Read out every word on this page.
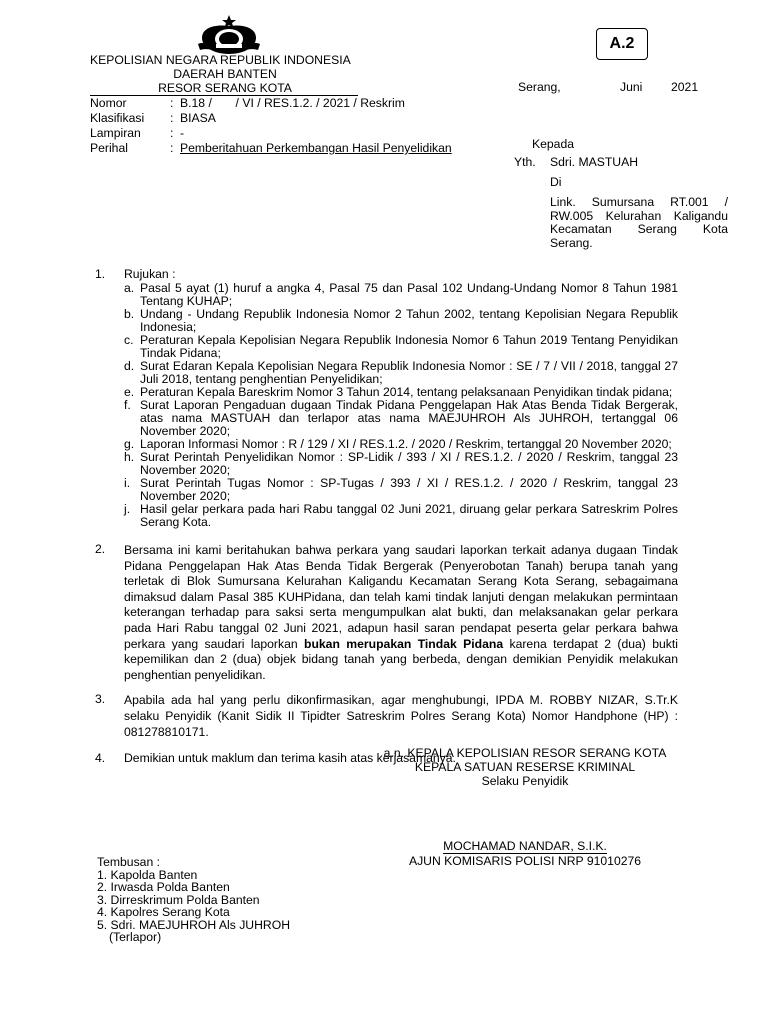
A.2
KEPOLISIAN NEGARA REPUBLIK INDONESIA
DAERAH BANTEN
RESOR SERANG KOTA	Serang,	Juni 2021
Nomor	: B.18 /       / VI / RES.1.2. / 2021 / Reskrim
Klasifikasi	: BIASA
Lampiran	: -
Perihal	: Pemberitahuan Perkembangan Hasil Penyelidikan	Kepada
Yth.	Sdri. MASTUAH
Di
Link. Sumursana RT.001 / RW.005 Kelurahan Kaligandu Kecamatan Serang Kota Serang.
1.	Rujukan :
a. Pasal 5 ayat (1) huruf a angka 4, Pasal 75 dan Pasal 102 Undang-Undang Nomor 8 Tahun 1981 Tentang KUHAP;
b. Undang - Undang Republik Indonesia Nomor 2 Tahun 2002, tentang Kepolisian Negara Republik Indonesia;
c. Peraturan Kepala Kepolisian Negara Republik Indonesia Nomor 6 Tahun 2019 Tentang Penyidikan Tindak Pidana;
d. Surat Edaran Kepala Kepolisian Negara Republik Indonesia Nomor : SE / 7 / VII / 2018, tanggal 27 Juli 2018, tentang penghentian Penyelidikan;
e. Peraturan Kepala Bareskrim Nomor 3 Tahun 2014, tentang pelaksanaan Penyidikan tindak pidana;
f. Surat Laporan Pengaduan dugaan Tindak Pidana Penggelapan Hak Atas Benda Tidak Bergerak, atas nama MASTUAH dan terlapor atas nama MAEJUHROH Als JUHROH, tertanggal 06 November 2020;
g. Laporan Informasi Nomor : R / 129 / XI / RES.1.2. / 2020 / Reskrim, tertanggal 20 November 2020;
h. Surat Perintah Penyelidikan Nomor : SP-Lidik / 393 / XI / RES.1.2. / 2020 / Reskrim, tanggal 23 November 2020;
i. Surat Perintah Tugas Nomor : SP-Tugas / 393 / XI / RES.1.2. / 2020 / Reskrim, tanggal 23 November 2020;
j. Hasil gelar perkara pada hari Rabu tanggal 02 Juni 2021, diruang gelar perkara Satreskrim Polres Serang Kota.
2.	Bersama ini kami beritahukan bahwa perkara yang saudari laporkan terkait adanya dugaan Tindak Pidana Penggelapan Hak Atas Benda Tidak Bergerak (Penyerobotan Tanah) berupa tanah yang terletak di Blok Sumursana Kelurahan Kaligandu Kecamatan Serang Kota Serang, sebagaimana dimaksud dalam Pasal 385 KUHPidana, dan telah kami tindak lanjuti dengan melakukan permintaan keterangan terhadap para saksi serta mengumpulkan alat bukti, dan melaksanakan gelar perkara pada Hari Rabu tanggal 02 Juni 2021, adapun hasil saran pendapat peserta gelar perkara bahwa perkara yang saudari laporkan bukan merupakan Tindak Pidana karena terdapat 2 (dua) bukti kepemilikan dan 2 (dua) objek bidang tanah yang berbeda, dengan demikian Penyidik melakukan penghentian penyelidikan.
3.	Apabila ada hal yang perlu dikonfirmasikan, agar menghubungi, IPDA M. ROBBY NIZAR, S.Tr.K selaku Penyidik (Kanit Sidik II Tipidter Satreskrim Polres Serang Kota) Nomor Handphone (HP) : 081278810171.
4.	Demikian untuk maklum dan terima kasih atas kerjasamanya.
a.n. KEPALA KEPOLISIAN RESOR SERANG KOTA
KEPALA SATUAN RESERSE KRIMINAL
Selaku Penyidik
MOCHAMAD NANDAR, S.I.K.
AJUN KOMISARIS POLISI NRP 91010276
Tembusan :
1. Kapolda Banten
2. Irwasda Polda Banten
3. Dirreskrimum Polda Banten
4. Kapolres Serang Kota
5. Sdri. MAEJUHROH Als JUHROH
(Terlapor)
